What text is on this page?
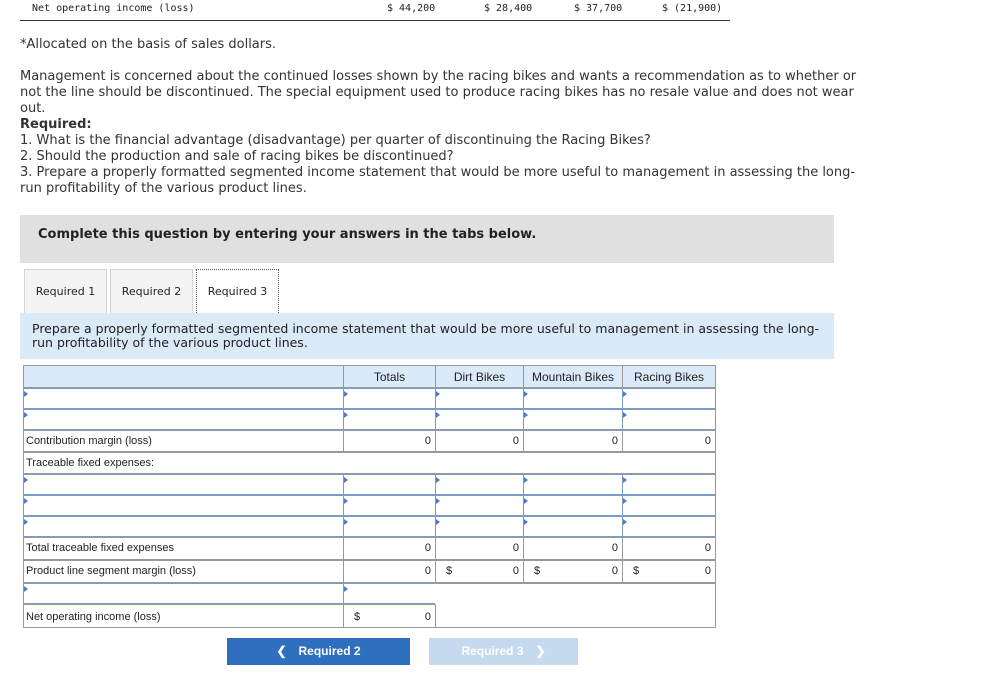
Net operating income (loss)	$ 44,200	$ 28,400	$ 37,700	$ (21,900)

*Allocated on the basis of sales dollars.

Management is concerned about the continued losses shown by the racing bikes and wants a recommendation as to whether or not the line should be discontinued. The special equipment used to produce racing bikes has no resale value and does not wear out.

Required:

1. What is the financial advantage (disadvantage) per quarter of discontinuing the Racing Bikes?

2. Should the production and sale of racing bikes be discontinued?

3. Prepare a properly formatted segmented income statement that would be more useful to management in assessing the long-run profitability of the various product lines.

Complete this question by entering your answers in the tabs below.
Required 1	Required 2	Required 3
Prepare a properly formatted segmented income statement that would be more useful to management in assessing the long-run profitability of the various product lines.
Totals	Dirt Bikes	Mountain Bikes	Racing Bikes
Contribution margin (loss)	0	0	0	0
Traceable fixed expenses:
Total traceable fixed expenses	0	0	0	0
Product line segment margin (loss)	0	$	0	$	0	$	0
Net operating income (loss)	$	0
❮ Required 2	Required 3 ❯
